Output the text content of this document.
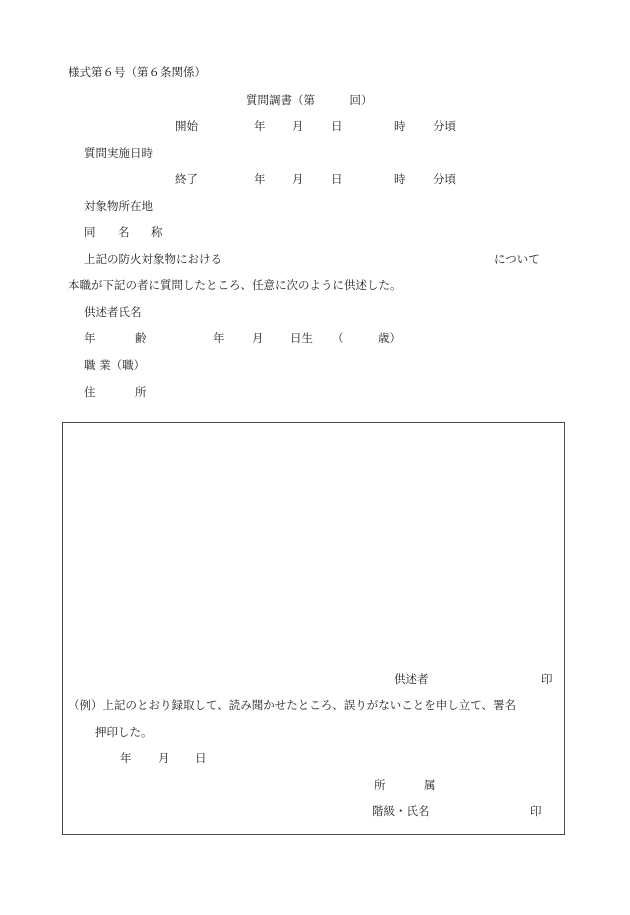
様式第６号（第６条関係）
質問調書（第　　　回）
開始	年 月 日	時 分頃
質問実施日時
終了	年 月 日	時 分頃
対象物所在地
同 名 称
上記の防火対象物における	について
本職が下記の者に質問したところ、任意に次のように供述した。
供述者氏名
年	齢	年 月 日生 （	歳）
職 業（職）
住	所
供述者	印
（例）上記のとおり録取して、読み聞かせたところ、誤りがないことを申し立て、署名
押印した。
年 月 日
所	属
階級・氏名	印
